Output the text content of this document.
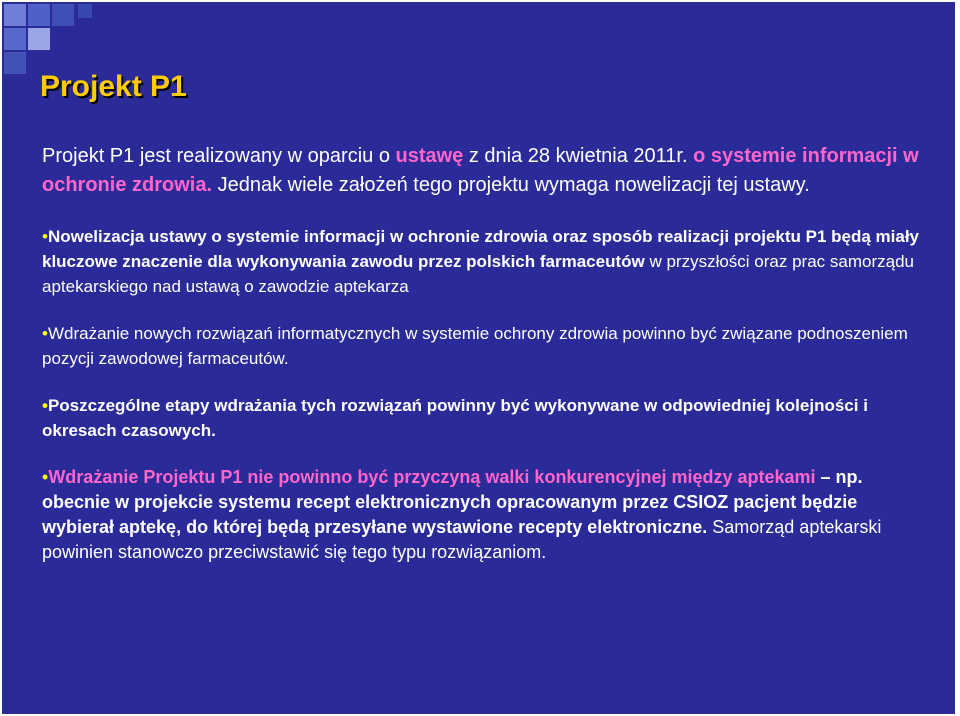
Projekt P1

Projekt P1 jest realizowany w oparciu o ustawę z dnia 28 kwietnia 2011r. o systemie informacji w ochronie zdrowia. Jednak wiele założeń tego projektu wymaga nowelizacji tej ustawy.

•Nowelizacja ustawy o systemie informacji w ochronie zdrowia oraz sposób realizacji projektu P1 będą miały kluczowe znaczenie dla wykonywania zawodu przez polskich farmaceutów w przyszłości oraz prac samorządu aptekarskiego nad ustawą o zawodzie aptekarza

•Wdrażanie nowych rozwiązań informatycznych w systemie ochrony zdrowia powinno być związane podnoszeniem pozycji zawodowej farmaceutów.

•Poszczególne etapy wdrażania tych rozwiązań powinny być wykonywane w odpowiedniej kolejności i okresach czasowych.

•Wdrażanie Projektu P1 nie powinno być przyczyną walki konkurencyjnej między aptekami – np. obecnie w projekcie systemu recept elektronicznych opracowanym przez CSIOZ pacjent będzie wybierał aptekę, do której będą przesyłane wystawione recepty elektroniczne. Samorząd aptekarski powinien stanowczo przeciwstawić się tego typu rozwiązaniom.
